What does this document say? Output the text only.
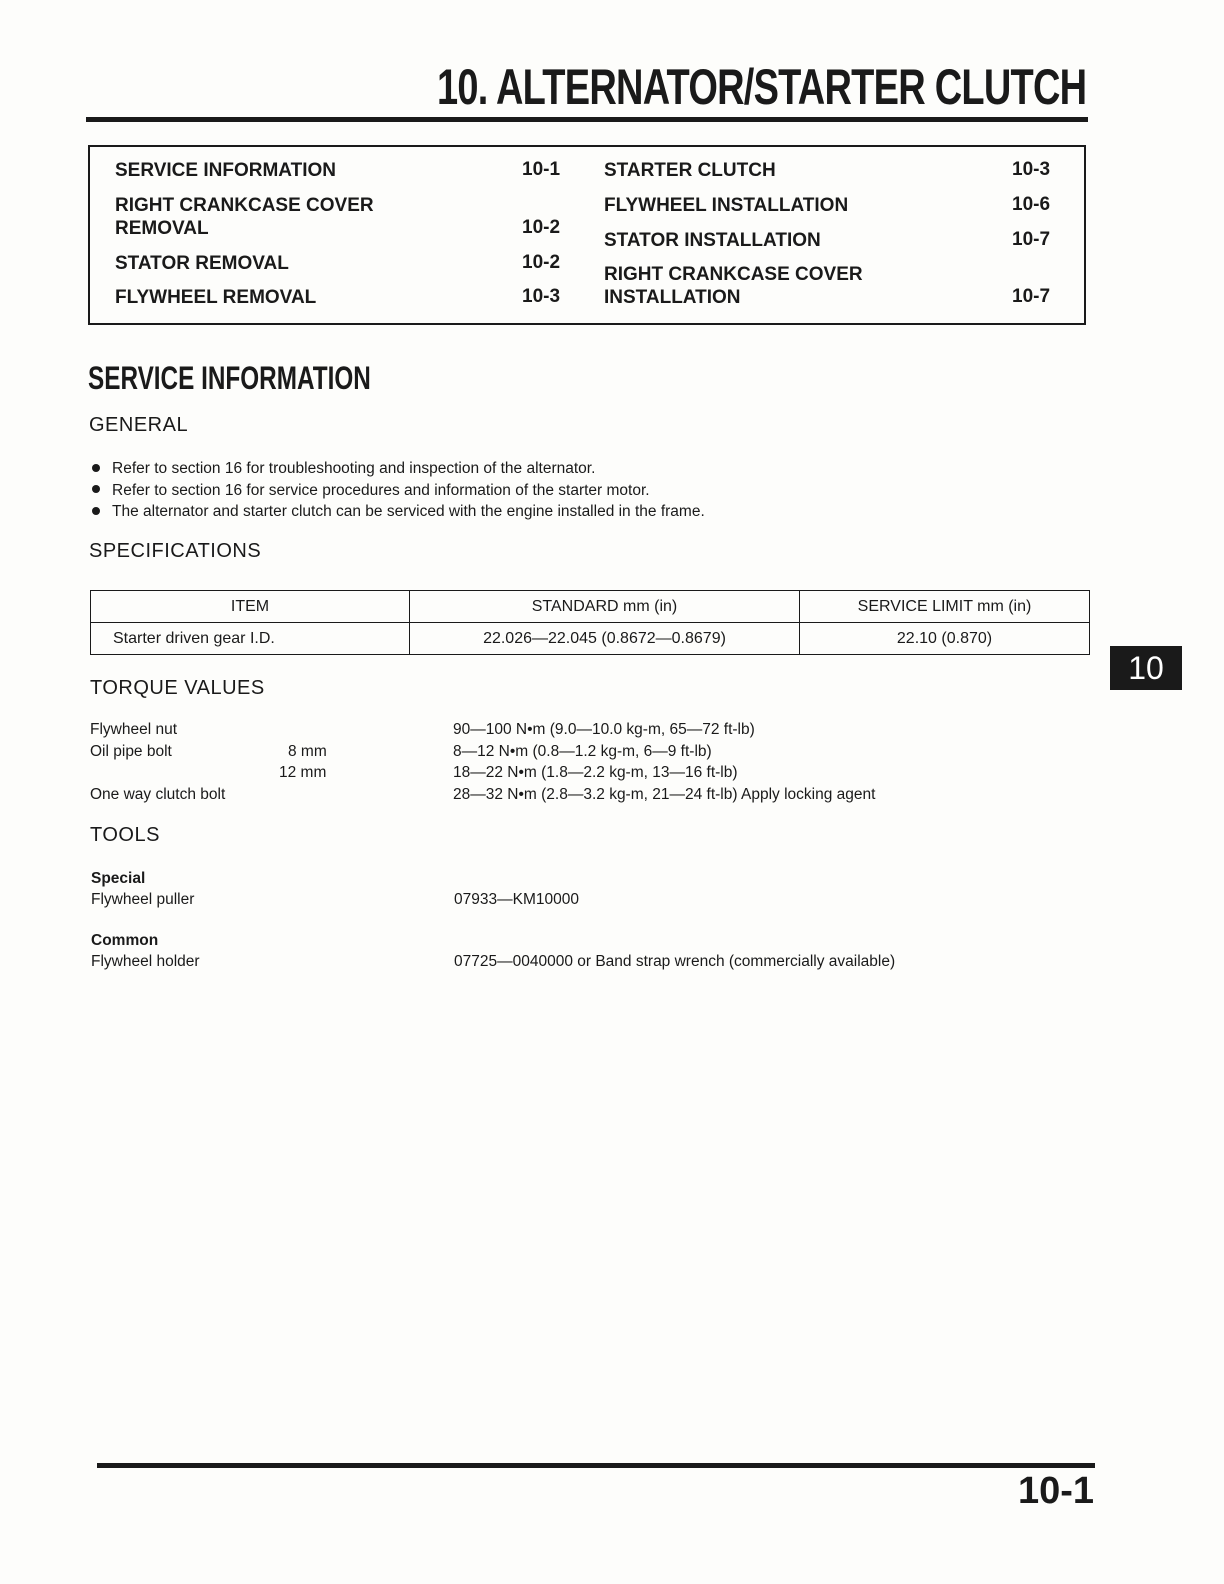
10. ALTERNATOR/STARTER CLUTCH
SERVICE INFORMATION	10-1
RIGHT CRANKCASE COVER
REMOVAL	10-2
STATOR REMOVAL	10-2
FLYWHEEL REMOVAL	10-3
STARTER CLUTCH	10-3
FLYWHEEL INSTALLATION	10-6
STATOR INSTALLATION	10-7
RIGHT CRANKCASE COVER
INSTALLATION	10-7
SERVICE INFORMATION
GENERAL
Refer to section 16 for troubleshooting and inspection of the alternator.
Refer to section 16 for service procedures and information of the starter motor.
The alternator and starter clutch can be serviced with the engine installed in the frame.
SPECIFICATIONS
ITEM	STANDARD mm (in)	SERVICE LIMIT mm (in)
Starter driven gear I.D.	22.026—22.045 (0.8672—0.8679)	22.10 (0.870)
10
TORQUE VALUES
Flywheel nut	90—100 N•m (9.0—10.0 kg-m, 65—72 ft-lb)
Oil pipe bolt	8 mm	8—12 N•m (0.8—1.2 kg-m, 6—9 ft-lb)
12 mm	18—22 N•m (1.8—2.2 kg-m, 13—16 ft-lb)
One way clutch bolt	28—32 N•m (2.8—3.2 kg-m, 21—24 ft-lb) Apply locking agent
TOOLS
Special
Flywheel puller	07933—KM10000
Common
Flywheel holder	07725—0040000 or Band strap wrench (commercially available)
10-1
